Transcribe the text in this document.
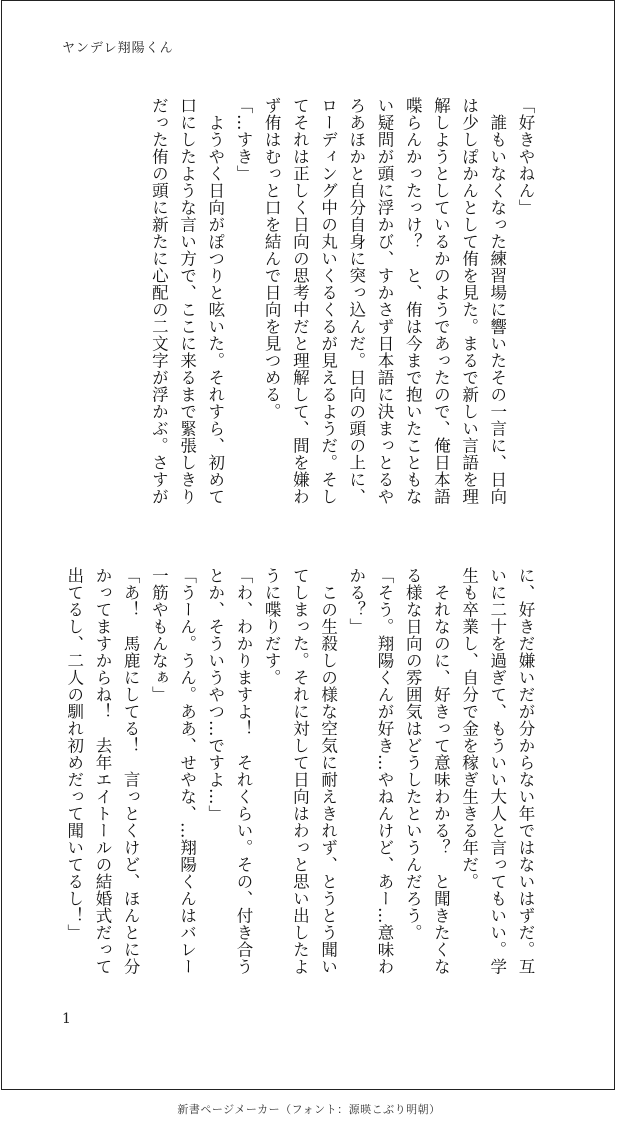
ヤンデレ翔陽くん
「好きやねん」
　誰もいなくなった練習場に響いたその一言に、日向
は少しぽかんとして侑を見た。まるで新しい言語を理
解しようとしているかのようであったので、俺日本語
喋らんかったっけ？　と、侑は今まで抱いたこともな
い疑問が頭に浮かび、すかさず日本語に決まっとるや
ろあほかと自分自身に突っ込んだ。日向の頭の上に、
ローディング中の丸いくるくるが見えるようだ。そし
てそれは正しく日向の思考中だと理解して、間を嫌わ
ず侑はむっと口を結んで日向を見つめる。
「…すき」
　ようやく日向がぽつりと呟いた。それすら、初めて
口にしたような言い方で、ここに来るまで緊張しきり
だった侑の頭に新たに心配の二文字が浮かぶ。さすが
に、好きだ嫌いだが分からない年ではないはずだ。互
いに二十を過ぎて、もういい大人と言ってもいい。学
生も卒業し、自分で金を稼ぎ生きる年だ。
　それなのに、好きって意味わかる？　と聞きたくな
る様な日向の雰囲気はどうしたというんだろう。
「そう。翔陽くんが好き…やねんけど、あー…意味わ
かる？」
　この生殺しの様な空気に耐えきれず、とうとう聞い
てしまった。それに対して日向はわっと思い出したよ
うに喋りだす。
「わ、わかりますよ！　それくらい。その、付き合う
とか、そういうやつ…ですよ…」
「うーん。うん。ああ、せやな、…翔陽くんはバレー
一筋やもんなぁ」
「あ！　馬鹿にしてる！　言っとくけど、ほんとに分
かってますからね！　去年エイトールの結婚式だって
出てるし、二人の馴れ初めだって聞いてるし！」
1
新書ページメーカー（フォント：源暎こぶり明朝）
